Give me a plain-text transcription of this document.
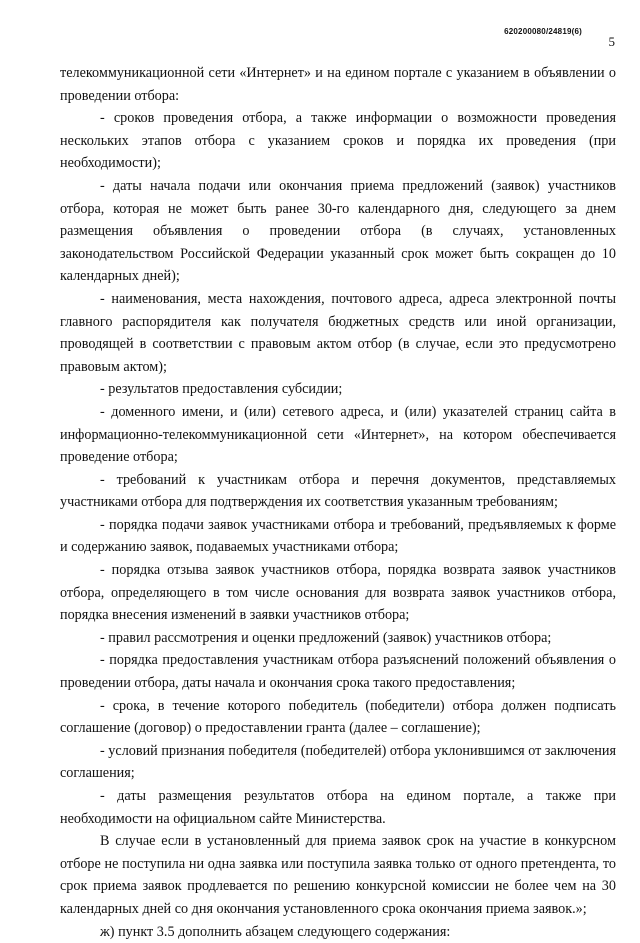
620200080/24819(6)
5

телекоммуникационной сети «Интернет» и на едином портале с указанием в объявлении о проведении отбора:

- сроков проведения отбора, а также информации о возможности проведения нескольких этапов отбора с указанием сроков и порядка их проведения (при необходимости);

- даты начала подачи или окончания приема предложений (заявок) участников отбора, которая не может быть ранее 30-го календарного дня, следующего за днем размещения объявления о проведении отбора (в случаях, установленных законодательством Российской Федерации указанный срок может быть сокращен до 10 календарных дней);

- наименования, места нахождения, почтового адреса, адреса электронной почты главного распорядителя как получателя бюджетных средств или иной организации, проводящей в соответствии с правовым актом отбор (в случае, если это предусмотрено правовым актом);

- результатов предоставления субсидии;

- доменного имени, и (или) сетевого адреса, и (или) указателей страниц сайта в информационно-телекоммуникационной сети «Интернет», на котором обеспечивается проведение отбора;

- требований к участникам отбора и перечня документов, представляемых участниками отбора для подтверждения их соответствия указанным требованиям;

- порядка подачи заявок участниками отбора и требований, предъявляемых к форме и содержанию заявок, подаваемых участниками отбора;

- порядка отзыва заявок участников отбора, порядка возврата заявок участников отбора, определяющего в том числе основания для возврата заявок участников отбора, порядка внесения изменений в заявки участников отбора;

- правил рассмотрения и оценки предложений (заявок) участников отбора;

- порядка предоставления участникам отбора разъяснений положений объявления о проведении отбора, даты начала и окончания срока такого предоставления;

- срока, в течение которого победитель (победители) отбора должен подписать соглашение (договор) о предоставлении гранта (далее – соглашение);

- условий признания победителя (победителей) отбора уклонившимся от заключения соглашения;

- даты размещения результатов отбора на едином портале, а также при необходимости на официальном сайте Министерства.

В случае если в установленный для приема заявок срок на участие в конкурсном отборе не поступила ни одна заявка или поступила заявка только от одного претендента, то срок приема заявок продлевается по решению конкурсной комиссии не более чем на 30 календарных дней со дня окончания установленного срока окончания приема заявок.»;

ж) пункт 3.5 дополнить абзацем следующего содержания:
